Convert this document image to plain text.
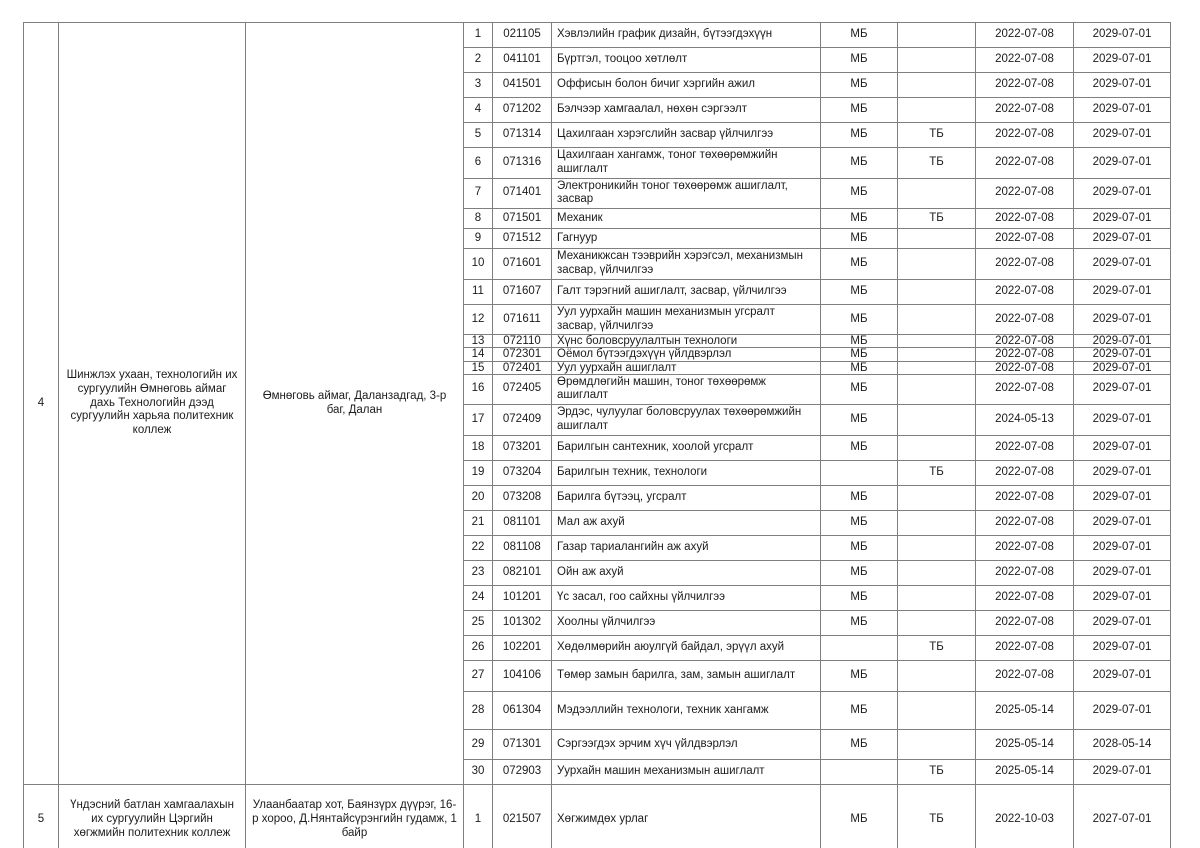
4	Шинжлэх ухаан, технологийн их сургуулийн Өмнөговь аймаг дахь Технологийн дээд сургуулийн харьяа политехник коллеж	Өмнөговь аймаг, Даланзадгад, 3-р баг, Далан	1	021105	Хэвлэлийн график дизайн, бүтээгдэхүүн	МБ		2022-07-08	2029-07-01
			2	041101	Бүртгэл, тооцоо хөтлөлт	МБ		2022-07-08	2029-07-01
			3	041501	Оффисын болон бичиг хэргийн ажил	МБ		2022-07-08	2029-07-01
			4	071202	Бэлчээр хамгаалал, нөхөн сэргээлт	МБ		2022-07-08	2029-07-01
			5	071314	Цахилгаан хэрэгслийн засвар үйлчилгээ	МБ	ТБ	2022-07-08	2029-07-01
			6	071316	Цахилгаан хангамж, тоног төхөөрөмжийн ашиглалт	МБ	ТБ	2022-07-08	2029-07-01
			7	071401	Электроникийн тоног төхөөрөмж ашиглалт, засвар	МБ		2022-07-08	2029-07-01
			8	071501	Механик	МБ	ТБ	2022-07-08	2029-07-01
			9	071512	Гагнуур	МБ		2022-07-08	2029-07-01
			10	071601	Механикжсан тээврийн хэрэгсэл, механизмын засвар, үйлчилгээ	МБ		2022-07-08	2029-07-01
			11	071607	Галт тэрэгний ашиглалт, засвар, үйлчилгээ	МБ		2022-07-08	2029-07-01
			12	071611	Уул уурхайн машин механизмын угсралт засвар, үйлчилгээ	МБ		2022-07-08	2029-07-01
			13	072110	Хүнс боловсруулалтын технологи	МБ		2022-07-08	2029-07-01
			14	072301	Оёмол бүтээгдэхүүн үйлдвэрлэл	МБ		2022-07-08	2029-07-01
			15	072401	Уул уурхайн ашиглалт	МБ		2022-07-08	2029-07-01
			16	072405	Өрөмдлөгийн машин, тоног төхөөрөмж ашиглалт	МБ		2022-07-08	2029-07-01
			17	072409	Эрдэс, чулуулаг боловсруулах төхөөрөмжийн ашиглалт	МБ		2024-05-13	2029-07-01
			18	073201	Барилгын сантехник, хоолой угсралт	МБ		2022-07-08	2029-07-01
			19	073204	Барилгын техник, технологи		ТБ	2022-07-08	2029-07-01
			20	073208	Барилга бүтээц, угсралт	МБ		2022-07-08	2029-07-01
			21	081101	Мал аж ахуй	МБ		2022-07-08	2029-07-01
			22	081108	Газар тариалангийн аж ахуй	МБ		2022-07-08	2029-07-01
			23	082101	Ойн аж ахуй	МБ		2022-07-08	2029-07-01
			24	101201	Үс засал, гоо сайхны үйлчилгээ	МБ		2022-07-08	2029-07-01
			25	101302	Хоолны үйлчилгээ	МБ		2022-07-08	2029-07-01
			26	102201	Хөдөлмөрийн аюулгүй байдал, эрүүл ахуй		ТБ	2022-07-08	2029-07-01
			27	104106	Төмөр замын барилга, зам, замын ашиглалт	МБ		2022-07-08	2029-07-01
			28	061304	Мэдээллийн технологи, техник хангамж	МБ		2025-05-14	2029-07-01
			29	071301	Сэргээгдэх эрчим хүч үйлдвэрлэл	МБ		2025-05-14	2028-05-14
			30	072903	Уурхайн машин механизмын ашиглалт		ТБ	2025-05-14	2029-07-01
5	Үндэсний батлан хамгаалахын их сургуулийн Цэргийн хөгжмийн политехник коллеж	Улаанбаатар хот, Баянзүрх дүүрэг, 16-р хороо, Д.Нянтайсүрэнгийн гудамж, 1 байр	1	021507	Хөгжимдөх урлаг	МБ	ТБ	2022-10-03	2027-07-01
